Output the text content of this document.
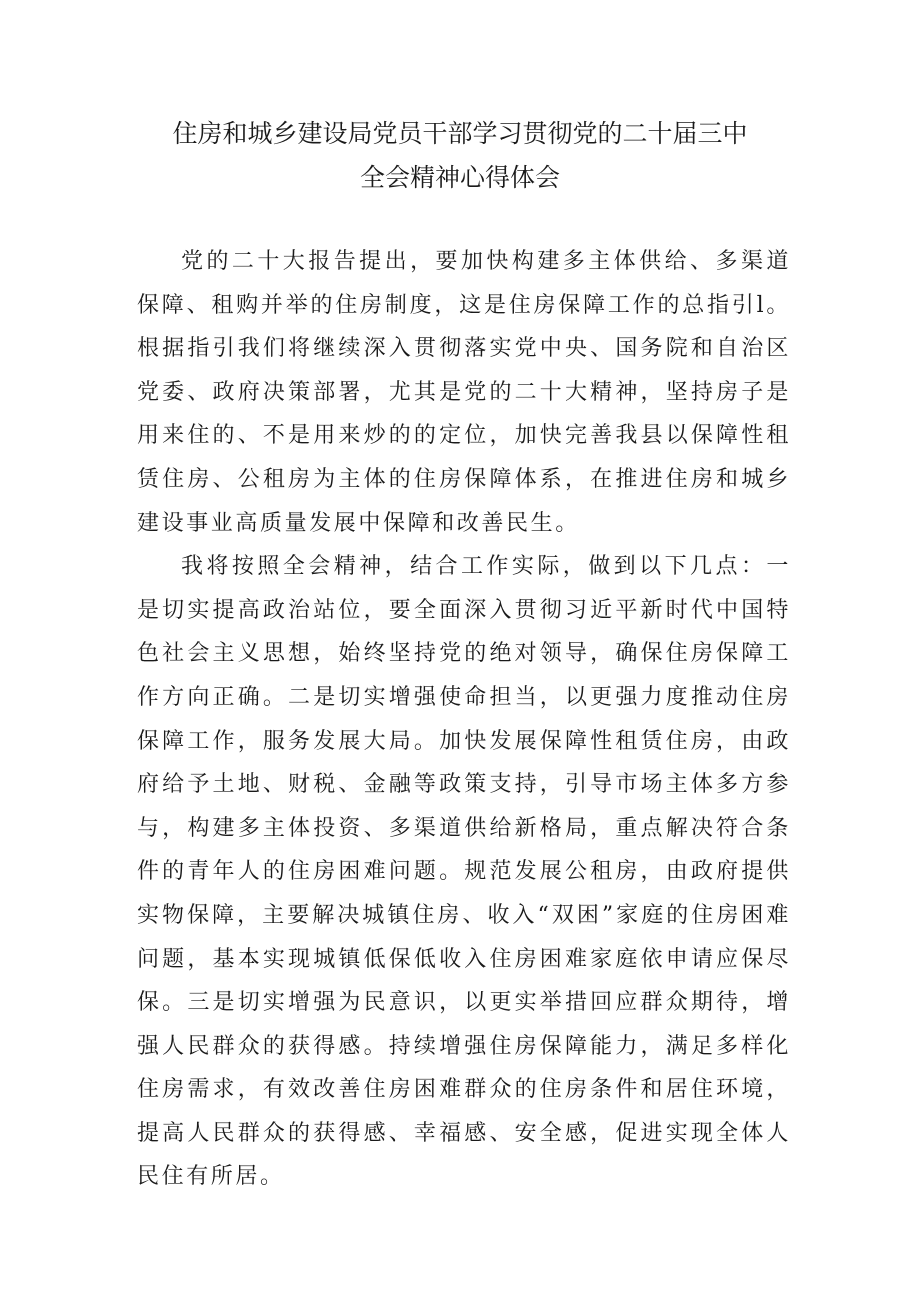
住房和城乡建设局党员干部学习贯彻党的二十届三中
全会精神心得体会

党的二十大报告提出，要加快构建多主体供给、多渠道保障、租购并举的住房制度，这是住房保障工作的总指引l。根据指引我们将继续深入贯彻落实党中央、国务院和自治区党委、政府决策部署，尤其是党的二十大精神，坚持房子是用来住的、不是用来炒的的定位，加快完善我县以保障性租赁住房、公租房为主体的住房保障体系，在推进住房和城乡建设事业高质量发展中保障和改善民生。

我将按照全会精神，结合工作实际，做到以下几点：一是切实提高政治站位，要全面深入贯彻习近平新时代中国特色社会主义思想，始终坚持党的绝对领导，确保住房保障工作方向正确。二是切实增强使命担当，以更强力度推动住房保障工作，服务发展大局。加快发展保障性租赁住房，由政府给予土地、财税、金融等政策支持，引导市场主体多方参与，构建多主体投资、多渠道供给新格局，重点解决符合条件的青年人的住房困难问题。规范发展公租房，由政府提供实物保障，主要解决城镇住房、收入“双困”家庭的住房困难问题，基本实现城镇低保低收入住房困难家庭依申请应保尽保。三是切实增强为民意识，以更实举措回应群众期待，增强人民群众的获得感。持续增强住房保障能力，满足多样化住房需求，有效改善住房困难群众的住房条件和居住环境，提高人民群众的获得感、幸福感、安全感，促进实现全体人民住有所居。
